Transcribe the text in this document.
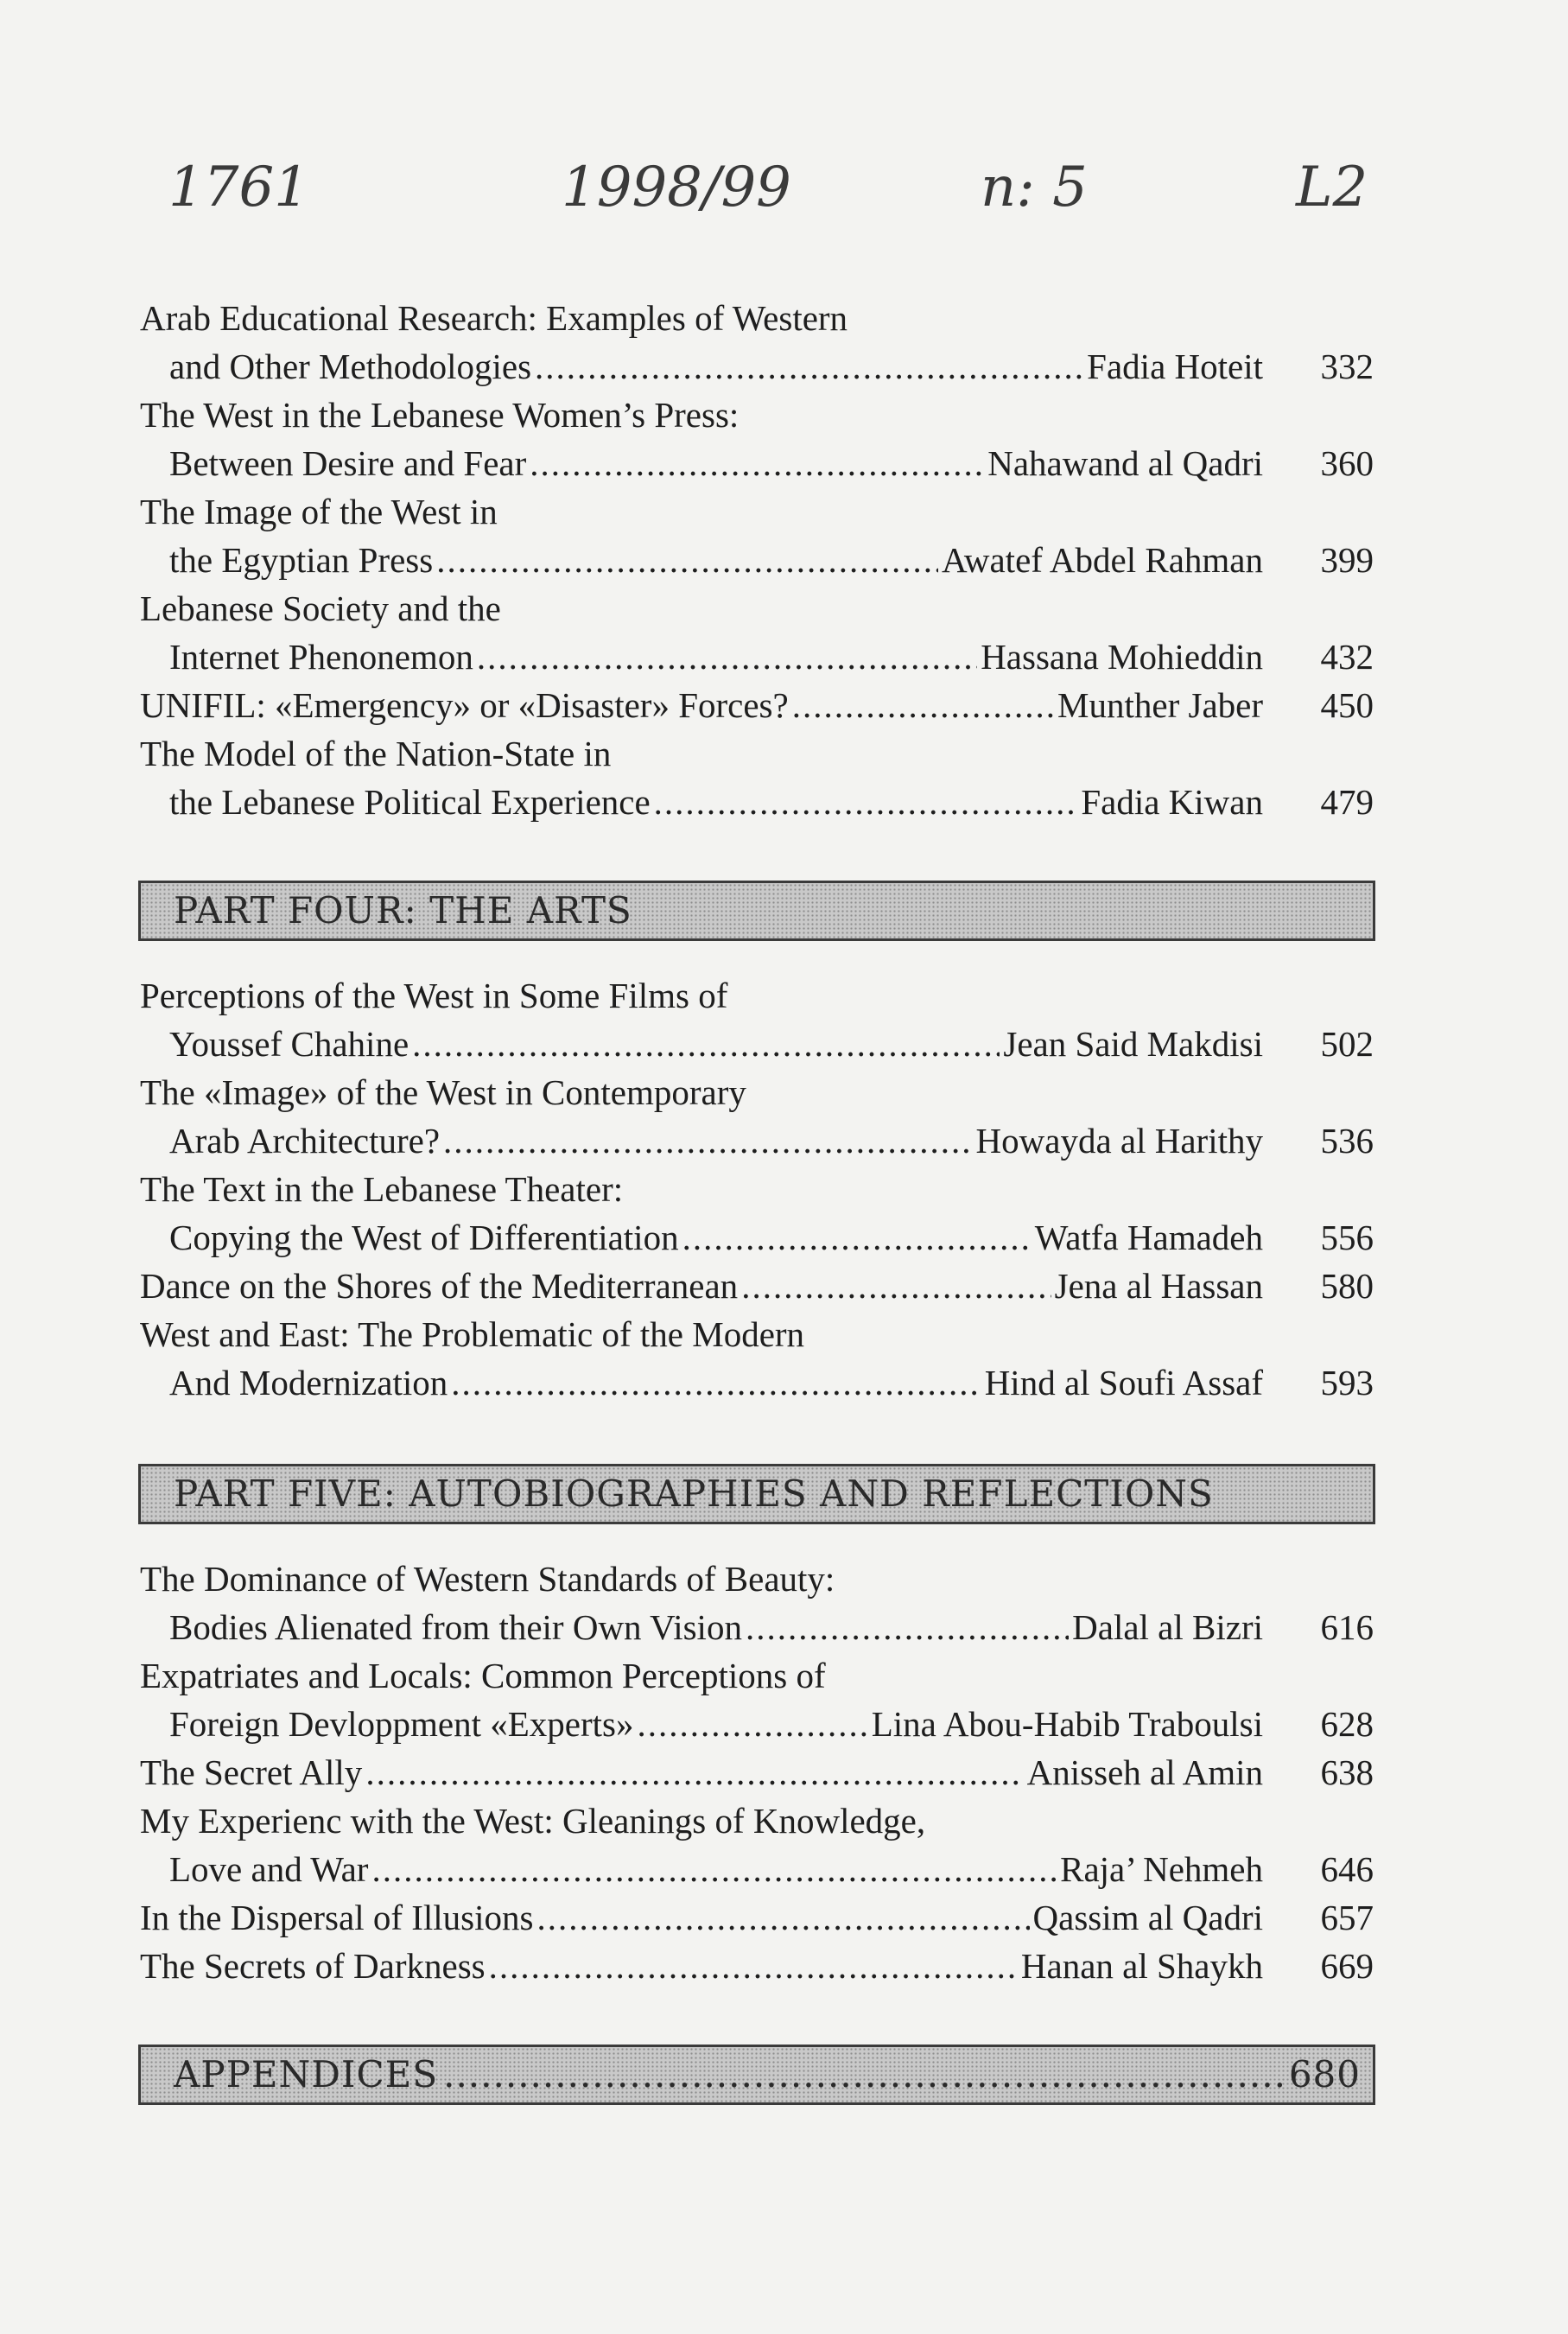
1761	1998/99	n: 5	L2
Arab Educational Research: Examples of Western
and Other Methodologies .....	Fadia Hoteit	332
The West in the Lebanese Women’s Press:
Between Desire and Fear .....	Nahawand al Qadri	360
The Image of the West in
the Egyptian Press .....	Awatef Abdel Rahman	399
Lebanese Society and the
Internet Phenonemon .....	Hassana Mohieddin	432
UNIFIL: «Emergency» or «Disaster» Forces? .....	Munther Jaber	450
The Model of the Nation-State in
the Lebanese Political Experience .....	Fadia Kiwan	479
PART FOUR: THE ARTS
Perceptions of the West in Some Films of
Youssef Chahine .....	Jean Said Makdisi	502
The «Image» of the West in Contemporary
Arab Architecture? .....	Howayda al Harithy	536
The Text in the Lebanese Theater:
Copying the West of Differentiation .....	Watfa Hamadeh	556
Dance on the Shores of the Mediterranean .....	Jena al Hassan	580
West and East: The Problematic of the Modern
And Modernization .....	Hind al Soufi Assaf	593
PART FIVE: AUTOBIOGRAPHIES AND REFLECTIONS
The Dominance of Western Standards of Beauty:
Bodies Alienated from their Own Vision .....	Dalal al Bizri	616
Expatriates and Locals: Common Perceptions of
Foreign Devloppment «Experts» .....	Lina Abou-Habib Traboulsi	628
The Secret Ally .....	Anisseh al Amin	638
My Experienc with the West: Gleanings of Knowledge,
Love and War .....	Raja’ Nehmeh	646
In the Dispersal of Illusions .....	Qassim al Qadri	657
The Secrets of Darkness .....	Hanan al Shaykh	669
APPENDICES .....	680
